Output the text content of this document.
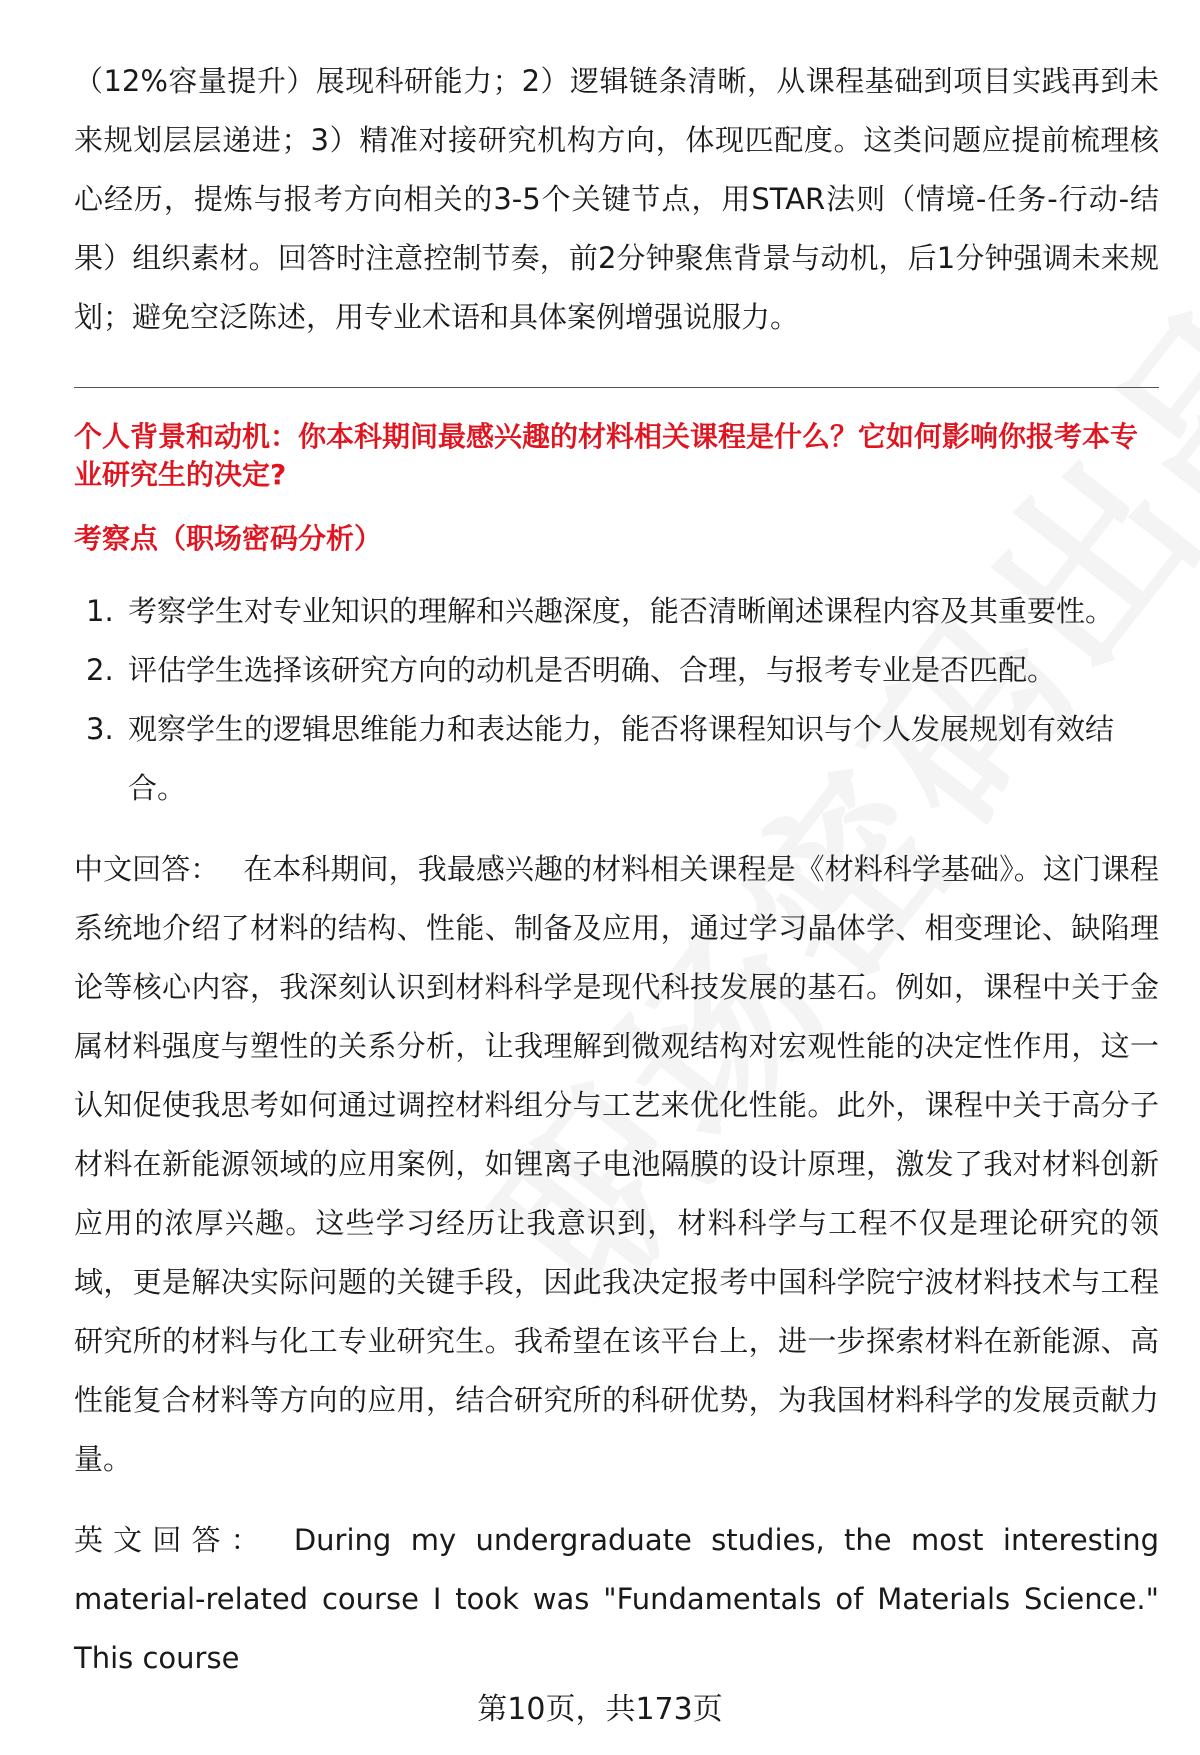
（12%容量提升）展现科研能力；2）逻辑链条清晰，从课程基础到项目实践再到未来规划层层递进；3）精准对接研究机构方向，体现匹配度。这类问题应提前梳理核心经历，提炼与报考方向相关的3-5个关键节点，用STAR法则（情境-任务-行动-结果）组织素材。回答时注意控制节奏，前2分钟聚焦背景与动机，后1分钟强调未来规划；避免空泛陈述，用专业术语和具体案例增强说服力。

个人背景和动机：你本科期间最感兴趣的材料相关课程是什么？它如何影响你报考本专业研究生的决定?

考察点（职场密码分析）

1. 考察学生对专业知识的理解和兴趣深度，能否清晰阐述课程内容及其重要性。
2. 评估学生选择该研究方向的动机是否明确、合理，与报考专业是否匹配。
3. 观察学生的逻辑思维能力和表达能力，能否将课程知识与个人发展规划有效结合。

中文回答： 在本科期间，我最感兴趣的材料相关课程是《材料科学基础》。这门课程系统地介绍了材料的结构、性能、制备及应用，通过学习晶体学、相变理论、缺陷理论等核心内容，我深刻认识到材料科学是现代科技发展的基石。例如，课程中关于金属材料强度与塑性的关系分析，让我理解到微观结构对宏观性能的决定性作用，这一认知促使我思考如何通过调控材料组分与工艺来优化性能。此外，课程中关于高分子材料在新能源领域的应用案例，如锂离子电池隔膜的设计原理，激发了我对材料创新应用的浓厚兴趣。这些学习经历让我意识到，材料科学与工程不仅是理论研究的领域，更是解决实际问题的关键手段，因此我决定报考中国科学院宁波材料技术与工程研究所的材料与化工专业研究生。我希望在该平台上，进一步探索材料在新能源、高性能复合材料等方向的应用，结合研究所的科研优势，为我国材料科学的发展贡献力量。

英文回答： During my undergraduate studies, the most interesting material-related course I took was "Fundamentals of Materials Science." This course

第10页，共173页
